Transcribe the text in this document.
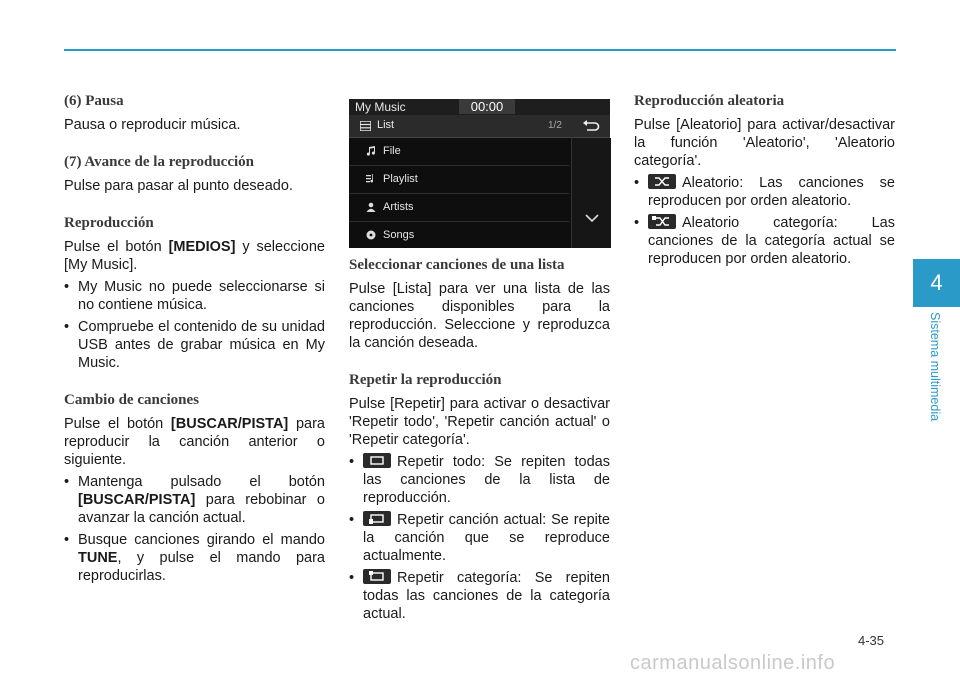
(6) Pausa

Pausa o reproducir música.

(7) Avance de la reproducción

Pulse para pasar al punto deseado.

Reproducción

Pulse el botón [MEDIOS] y seleccione [My Music].

• My Music no puede seleccionarse si no contiene música.
• Compruebe el contenido de su unidad USB antes de grabar música en My Music.
Cambio de canciones

Pulse el botón [BUSCAR/PISTA] para reproducir la canción anterior o siguiente.

• Mantenga pulsado el botón [BUSCAR/PISTA] para rebobinar o avanzar la canción actual.
• Busque canciones girando el mando TUNE, y pulse el mando para reproducirlas.
My Music	00:00
List	1/2
File
Playlist
Artists
Songs
Seleccionar canciones de una lista

Pulse [Lista] para ver una lista de las canciones disponibles para la reproducción. Seleccione y reproduzca la canción deseada.

Repetir la reproducción

Pulse [Repetir] para activar o desactivar 'Repetir todo', 'Repetir canción actual' o 'Repetir categoría'.

• Repetir todo: Se repiten todas las canciones de la lista de reproducción.
• Repetir canción actual: Se repite la canción que se reproduce actualmente.
• Repetir categoría: Se repiten todas las canciones de la categoría actual.
Reproducción aleatoria

Pulse [Aleatorio] para activar/desactivar la función 'Aleatorio', 'Aleatorio categoría'.

• Aleatorio: Las canciones se reproducen por orden aleatorio.
• Aleatorio categoría: Las canciones de la categoría actual se reproducen por orden aleatorio.
4
Sistema multimedia
4-35
carmanualsonline.info
